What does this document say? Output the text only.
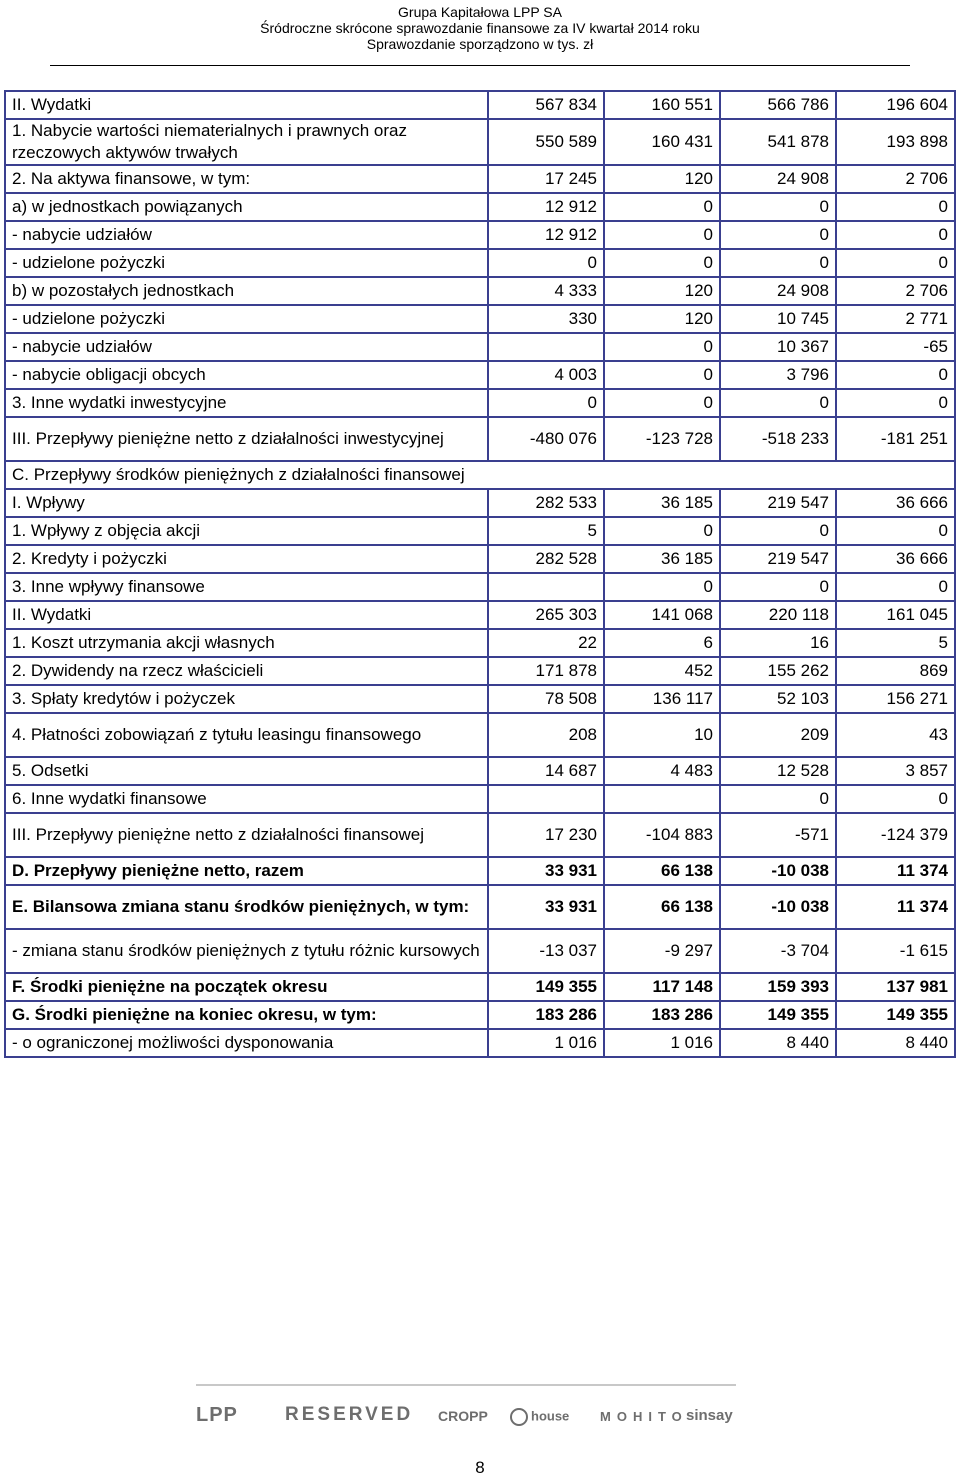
Grupa Kapitałowa LPP SA
Śródroczne skrócone sprawozdanie finansowe za IV kwartał 2014 roku
Sprawozdanie sporządzono w tys. zł
II. Wydatki	567 834	160 551	566 786	196 604
1. Nabycie wartości niematerialnych i prawnych oraz rzeczowych aktywów trwałych	550 589	160 431	541 878	193 898
2. Na aktywa finansowe, w tym:	17 245	120	24 908	2 706
a) w jednostkach powiązanych	12 912	0	0	0
- nabycie udziałów	12 912	0	0	0
- udzielone pożyczki	0	0	0	0
b) w pozostałych jednostkach	4 333	120	24 908	2 706
- udzielone pożyczki	330	120	10 745	2 771
- nabycie udziałów		0	10 367	-65
- nabycie obligacji obcych	4 003	0	3 796	0
3. Inne wydatki inwestycyjne	0	0	0	0
III. Przepływy pieniężne netto z działalności inwestycyjnej	-480 076	-123 728	-518 233	-181 251
C. Przepływy środków pieniężnych z działalności finansowej				
I. Wpływy	282 533	36 185	219 547	36 666
1. Wpływy z objęcia akcji	5	0	0	0
2. Kredyty i pożyczki	282 528	36 185	219 547	36 666
3. Inne wpływy finansowe		0	0	0
II. Wydatki	265 303	141 068	220 118	161 045
1. Koszt utrzymania akcji własnych	22	6	16	5
2. Dywidendy na rzecz właścicieli	171 878	452	155 262	869
3. Spłaty kredytów i pożyczek	78 508	136 117	52 103	156 271
4. Płatności zobowiązań z tytułu leasingu finansowego	208	10	209	43
5. Odsetki	14 687	4 483	12 528	3 857
6. Inne wydatki finansowe			0	0
III. Przepływy pieniężne netto z działalności finansowej	17 230	-104 883	-571	-124 379
D. Przepływy pieniężne netto, razem	33 931	66 138	-10 038	11 374
E. Bilansowa zmiana stanu środków pieniężnych, w tym:	33 931	66 138	-10 038	11 374
- zmiana stanu środków pieniężnych z tytułu różnic kursowych	-13 037	-9 297	-3 704	-1 615
F. Środki pieniężne na początek okresu	149 355	117 148	159 393	137 981
G. Środki pieniężne na koniec okresu, w tym:	183 286	183 286	149 355	149 355
- o ograniczonej możliwości dysponowania	1 016	1 016	8 440	8 440
LPP RESERVED CROPP	house MOHITO
sinsay
8
